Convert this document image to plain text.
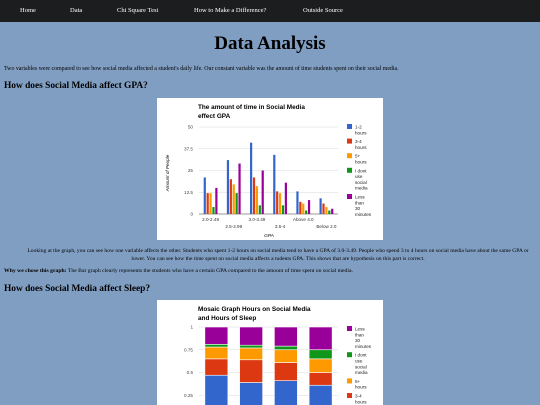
Home	Data	Chi Square Test	How to Make a Difference?	Outside Source
Data Analysis
Two variables were compared to see how social media affected a student's daily life. Our constant variable was the amount of time students spent on their social media.
How does Social Media affect GPA?
The amount of time in Social Media
effect GPA
Amount of People
GPA
0
12.5
25
37.5
50
2.0-2.49
2.5-2.99
3.0-3.49
3.5-4
Above 4.0
Below 2.0
1-2 hours
3-4 hours
5+ hours
I dont use social media
Less than 30 minutes
Looking at the graph, you can see how one variable affects the other. Students who spent 1-2 hours on social media tend to have a GPA of 3.0-3.49. People who spend 3 to 4 hours on social media have about the same GPA or lower. You can see how the time spent on social media affects a tudents GPA. This shows that are hypothesis on this part is correct.
Why we chose this graph: The Bar graph clearly represents the students who have a certain GPA compared to the amount of time spent on social media.
How does Social Media affect Sleep?
Mosaic Graph Hours on Social Media
and Hours of Sleep
0.25
0.5
0.75
1	Less than 30 minutes
I dont use social media
5+ hours
3-4 hours
